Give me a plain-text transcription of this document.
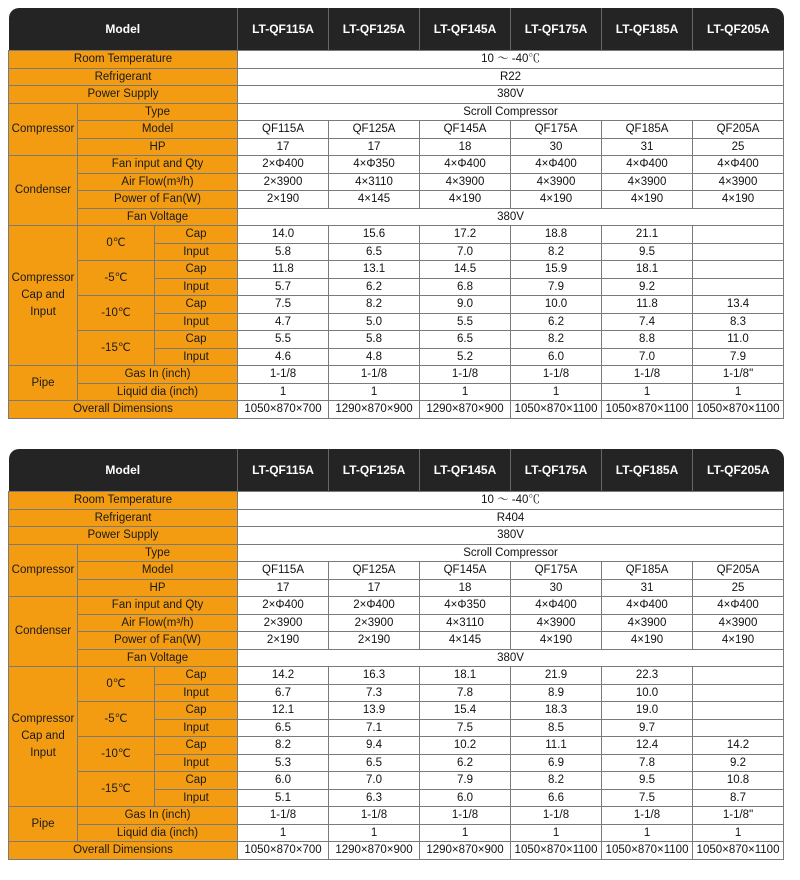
Model			LT-QF115A	LT-QF125A	LT-QF145A	LT-QF175A	LT-QF185A	LT-QF205A
Room Temperature			10 ～ -40℃					
Refrigerant			R22					
Power Supply			380V					
Compressor	Type		Scroll Compressor					
	Model		QF115A	QF125A	QF145A	QF175A	QF185A	QF205A
	HP		17	17	18	30	31	25
Condenser	Fan input and Qty		2×Φ400	4×Φ350	4×Φ400	4×Φ400	4×Φ400	4×Φ400
	Air Flow(m³/h)		2×3900	4×3110	4×3900	4×3900	4×3900	4×3900
	Power of Fan(W)		2×190	4×145	4×190	4×190	4×190	4×190
	Fan Voltage		380V					
Compressor Cap and Input	0℃	Cap	14.0	15.6	17.2	18.8	21.1	
		Input	5.8	6.5	7.0	8.2	9.5	
	-5℃	Cap	11.8	13.1	14.5	15.9	18.1	
		Input	5.7	6.2	6.8	7.9	9.2	
	-10℃	Cap	7.5	8.2	9.0	10.0	11.8	13.4
		Input	4.7	5.0	5.5	6.2	7.4	8.3
	-15℃	Cap	5.5	5.8	6.5	8.2	8.8	11.0
		Input	4.6	4.8	5.2	6.0	7.0	7.9
Pipe	Gas In (inch)		1-1/8	1-1/8	1-1/8	1-1/8	1-1/8	1-1/8"
	Liquid dia (inch)		1	1	1	1	1	1
Overall Dimensions			1050×870×700	1290×870×900	1290×870×900	1050×870×1100	1050×870×1100	1050×870×1100
Model			LT-QF115A	LT-QF125A	LT-QF145A	LT-QF175A	LT-QF185A	LT-QF205A
Room Temperature			10 ～ -40℃					
Refrigerant			R404					
Power Supply			380V					
Compressor	Type		Scroll Compressor					
	Model		QF115A	QF125A	QF145A	QF175A	QF185A	QF205A
	HP		17	17	18	30	31	25
Condenser	Fan input and Qty		2×Φ400	2×Φ400	4×Φ350	4×Φ400	4×Φ400	4×Φ400
	Air Flow(m³/h)		2×3900	2×3900	4×3110	4×3900	4×3900	4×3900
	Power of Fan(W)		2×190	2×190	4×145	4×190	4×190	4×190
	Fan Voltage		380V					
Compressor Cap and Input	0℃	Cap	14.2	16.3	18.1	21.9	22.3	
		Input	6.7	7.3	7.8	8.9	10.0	
	-5℃	Cap	12.1	13.9	15.4	18.3	19.0	
		Input	6.5	7.1	7.5	8.5	9.7	
	-10℃	Cap	8.2	9.4	10.2	11.1	12.4	14.2
		Input	5.3	6.5	6.2	6.9	7.8	9.2
	-15℃	Cap	6.0	7.0	7.9	8.2	9.5	10.8
		Input	5.1	6.3	6.0	6.6	7.5	8.7
Pipe	Gas In (inch)		1-1/8	1-1/8	1-1/8	1-1/8	1-1/8	1-1/8"
	Liquid dia (inch)		1	1	1	1	1	1
Overall Dimensions			1050×870×700	1290×870×900	1290×870×900	1050×870×1100	1050×870×1100	1050×870×1100
